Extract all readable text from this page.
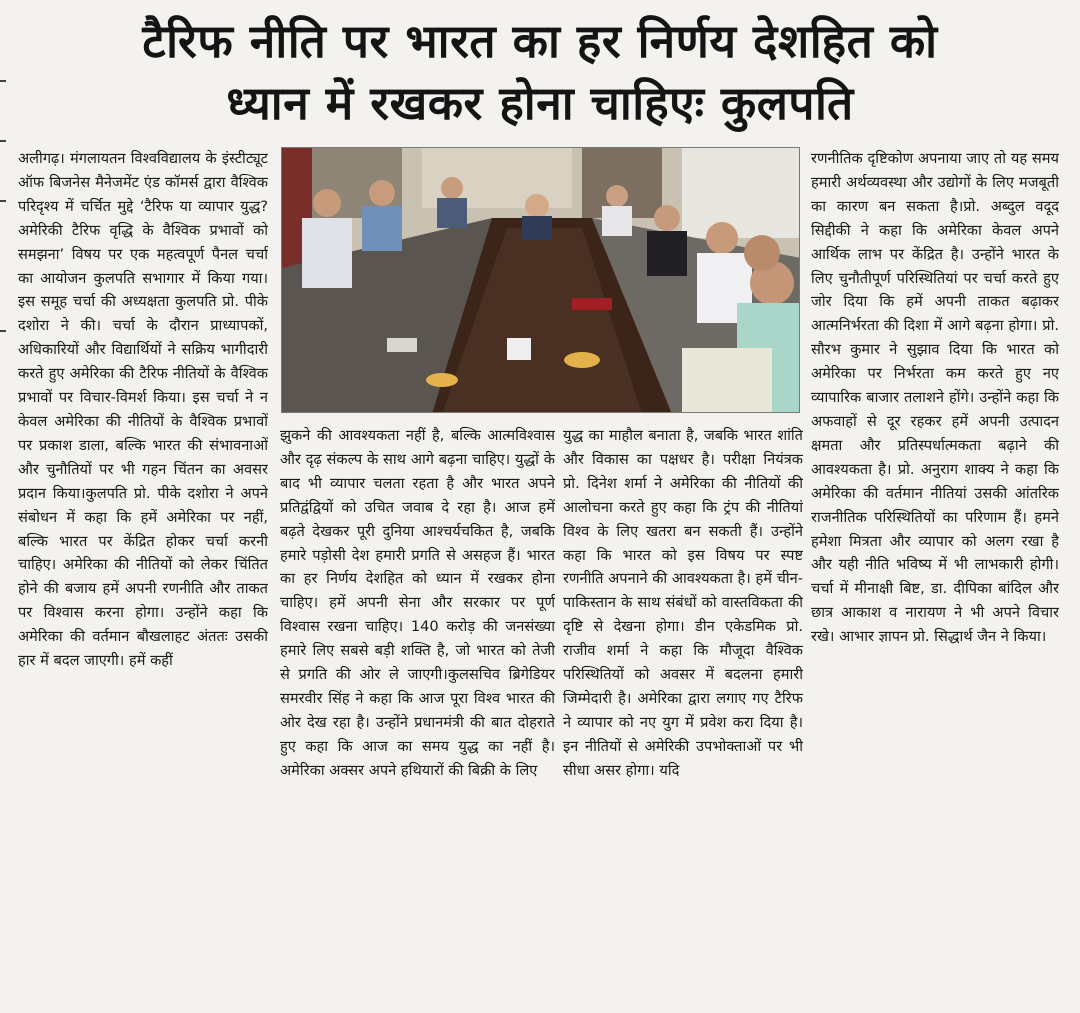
टैरिफ नीति पर भारत का हर निर्णय देशहित को
ध्यान में रखकर होना चाहिएः कुलपति
अलीगढ़। मंगलायतन विश्वविद्यालय के इंस्टीट्यूट ऑफ बिजनेस मैनेजमेंट एंड कॉमर्स द्वारा वैश्विक परिदृश्य में चर्चित मुद्दे ‘टैरिफ या व्यापार युद्ध? अमेरिकी टैरिफ वृद्धि के वैश्विक प्रभावों को समझना’ विषय पर एक महत्वपूर्ण पैनल चर्चा का आयोजन कुलपति सभागार में किया गया। इस समूह चर्चा की अध्यक्षता कुलपति प्रो. पीके दशोरा ने की। चर्चा के दौरान प्राध्यापकों, अधिकारियों और विद्यार्थियों ने सक्रिय भागीदारी करते हुए अमेरिका की टैरिफ नीतियों के वैश्विक प्रभावों पर विचार-विमर्श किया। इस चर्चा ने न केवल अमेरिका की नीतियों के वैश्विक प्रभावों पर प्रकाश डाला, बल्कि भारत की संभावनाओं और चुनौतियों पर भी गहन चिंतन का अवसर प्रदान किया।कुलपति प्रो. पीके दशोरा ने अपने संबोधन में कहा कि हमें अमेरिका पर नहीं, बल्कि भारत पर केंद्रित होकर चर्चा करनी चाहिए। अमेरिका की नीतियों को लेकर चिंतित होने की बजाय हमें अपनी रणनीति और ताकत पर विश्वास करना होगा। उन्होंने कहा कि अमेरिका की वर्तमान बौखलाहट अंततः उसकी हार में बदल जाएगी। हमें कहीं
झुकने की आवश्यकता नहीं है, बल्कि आत्मविश्वास और दृढ़ संकल्प के साथ आगे बढ़ना चाहिए। युद्धों के बाद भी व्यापार चलता रहता है और भारत अपने प्रतिद्वंद्वियों को उचित जवाब दे रहा है। आज हमें बढ़ते देखकर पूरी दुनिया आश्चर्यचकित है, जबकि हमारे पड़ोसी देश हमारी प्रगति से असहज हैं। भारत का हर निर्णय देशहित को ध्यान में रखकर होना चाहिए। हमें अपनी सेना और सरकार पर पूर्ण विश्वास रखना चाहिए। 140 करोड़ की जनसंख्या हमारे लिए सबसे बड़ी शक्ति है, जो भारत को तेजी से प्रगति की ओर ले जाएगी।कुलसचिव ब्रिगेडियर समरवीर सिंह ने कहा कि आज पूरा विश्व भारत की ओर देख रहा है। उन्होंने प्रधानमंत्री की बात दोहराते हुए कहा कि आज का समय युद्ध का नहीं है। अमेरिका अक्सर अपने हथियारों की बिक्री के लिए
युद्ध का माहौल बनाता है, जबकि भारत शांति और विकास का पक्षधर है। परीक्षा नियंत्रक प्रो. दिनेश शर्मा ने अमेरिका की नीतियों की आलोचना करते हुए कहा कि ट्रंप की नीतियां विश्व के लिए खतरा बन सकती हैं। उन्होंने कहा कि भारत को इस विषय पर स्पष्ट रणनीति अपनाने की आवश्यकता है। हमें चीन-पाकिस्तान के साथ संबंधों को वास्तविकता की दृष्टि से देखना होगा। डीन एकेडमिक प्रो. राजीव शर्मा ने कहा कि मौजूदा वैश्विक परिस्थितियों को अवसर में बदलना हमारी जिम्मेदारी है। अमेरिका द्वारा लगाए गए टैरिफ ने व्यापार को नए युग में प्रवेश करा दिया है। इन नीतियों से अमेरिकी उपभोक्ताओं पर भी सीधा असर होगा। यदि
रणनीतिक दृष्टिकोण अपनाया जाए तो यह समय हमारी अर्थव्यवस्था और उद्योगों के लिए मजबूती का कारण बन सकता है।प्रो. अब्दुल वदूद सिद्दीकी ने कहा कि अमेरिका केवल अपने आर्थिक लाभ पर केंद्रित है। उन्होंने भारत के लिए चुनौतीपूर्ण परिस्थितियां पर चर्चा करते हुए जोर दिया कि हमें अपनी ताकत बढ़ाकर आत्मनिर्भरता की दिशा में आगे बढ़ना होगा। प्रो. सौरभ कुमार ने सुझाव दिया कि भारत को अमेरिका पर निर्भरता कम करते हुए नए व्यापारिक बाजार तलाशने होंगे। उन्होंने कहा कि अफवाहों से दूर रहकर हमें अपनी उत्पादन क्षमता और प्रतिस्पर्धात्मकता बढ़ाने की आवश्यकता है। प्रो. अनुराग शाक्य ने कहा कि अमेरिका की वर्तमान नीतियां उसकी आंतरिक राजनीतिक परिस्थितियों का परिणाम हैं। हमने हमेशा मित्रता और व्यापार को अलग रखा है और यही नीति भविष्य में भी लाभकारी होगी। चर्चा में मीनाक्षी बिष्ट, डा. दीपिका बांदिल और छात्र आकाश व नारायण ने भी अपने विचार रखे। आभार ज्ञापन प्रो. सिद्धार्थ जैन ने किया।
